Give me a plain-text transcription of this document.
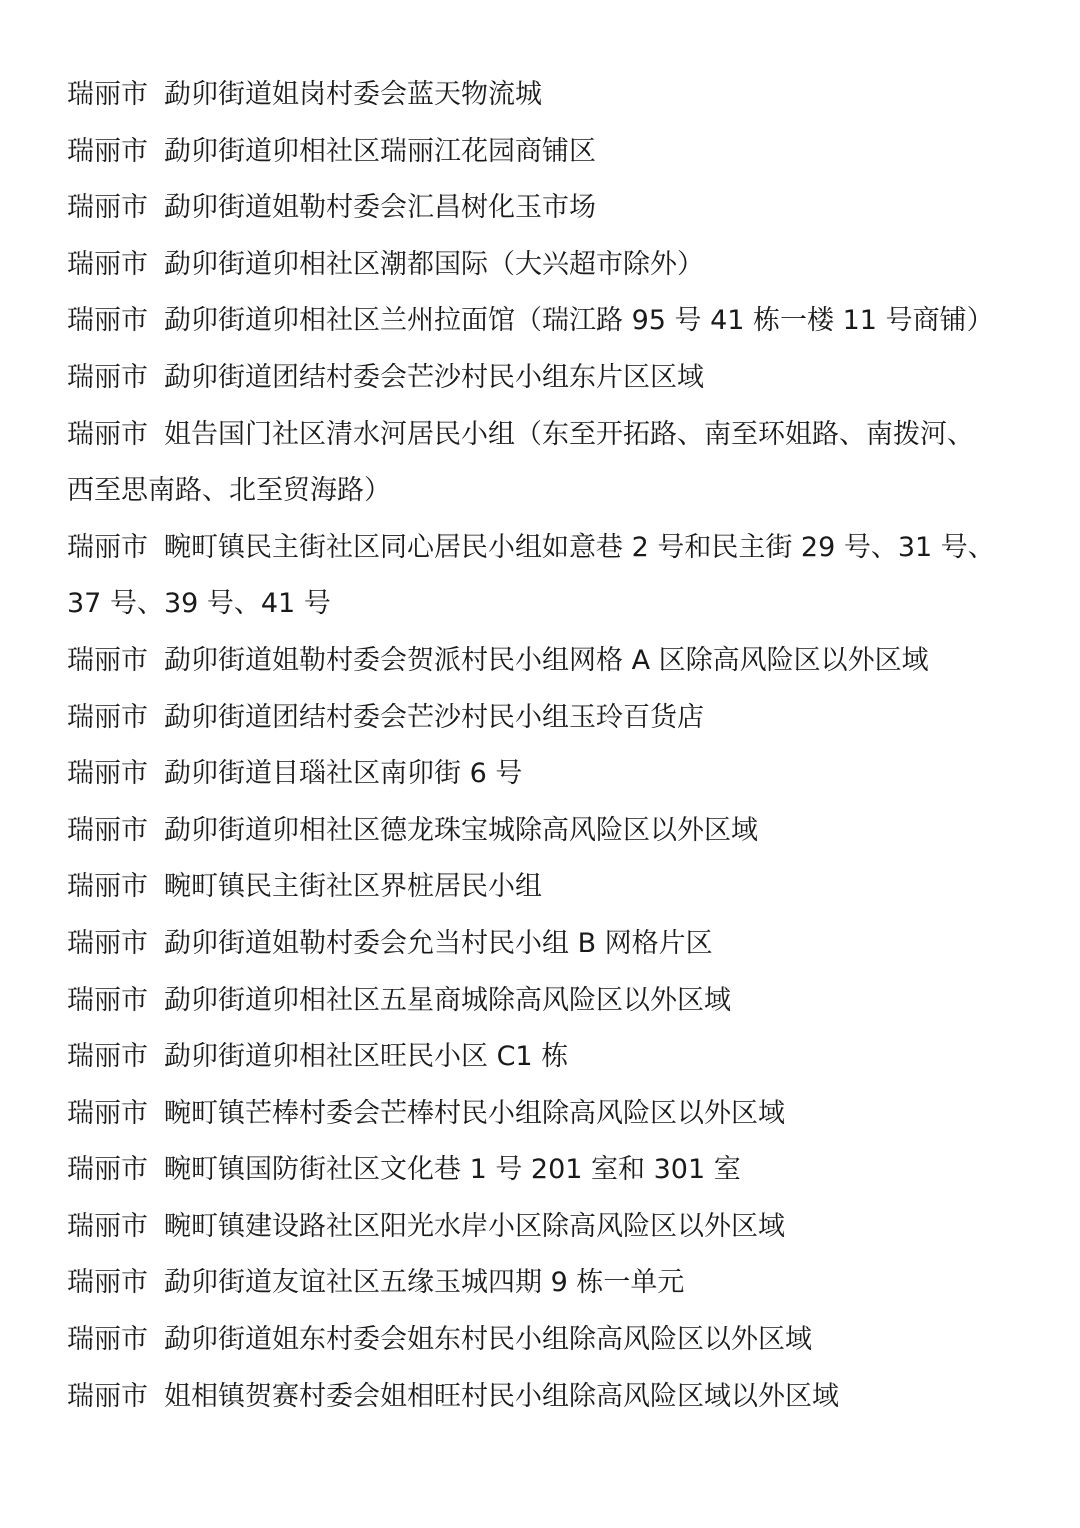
瑞丽市 勐卯街道姐岗村委会蓝天物流城
瑞丽市 勐卯街道卯相社区瑞丽江花园商铺区
瑞丽市 勐卯街道姐勒村委会汇昌树化玉市场
瑞丽市 勐卯街道卯相社区潮都国际（大兴超市除外）
瑞丽市 勐卯街道卯相社区兰州拉面馆（瑞江路 95 号 41 栋一楼 11 号商铺）
瑞丽市 勐卯街道团结村委会芒沙村民小组东片区区域
瑞丽市 姐告国门社区清水河居民小组（东至开拓路、南至环姐路、南拨河、
西至思南路、北至贸海路）
瑞丽市 畹町镇民主街社区同心居民小组如意巷 2 号和民主街 29 号、31 号、
37 号、39 号、41 号
瑞丽市 勐卯街道姐勒村委会贺派村民小组网格 A 区除高风险区以外区域
瑞丽市 勐卯街道团结村委会芒沙村民小组玉玲百货店
瑞丽市 勐卯街道目瑙社区南卯街 6 号
瑞丽市 勐卯街道卯相社区德龙珠宝城除高风险区以外区域
瑞丽市 畹町镇民主街社区界桩居民小组
瑞丽市 勐卯街道姐勒村委会允当村民小组 B 网格片区
瑞丽市 勐卯街道卯相社区五星商城除高风险区以外区域
瑞丽市 勐卯街道卯相社区旺民小区 C1 栋
瑞丽市 畹町镇芒棒村委会芒棒村民小组除高风险区以外区域
瑞丽市 畹町镇国防街社区文化巷 1 号 201 室和 301 室
瑞丽市 畹町镇建设路社区阳光水岸小区除高风险区以外区域
瑞丽市 勐卯街道友谊社区五缘玉城四期 9 栋一单元
瑞丽市 勐卯街道姐东村委会姐东村民小组除高风险区以外区域
瑞丽市 姐相镇贺赛村委会姐相旺村民小组除高风险区域以外区域
